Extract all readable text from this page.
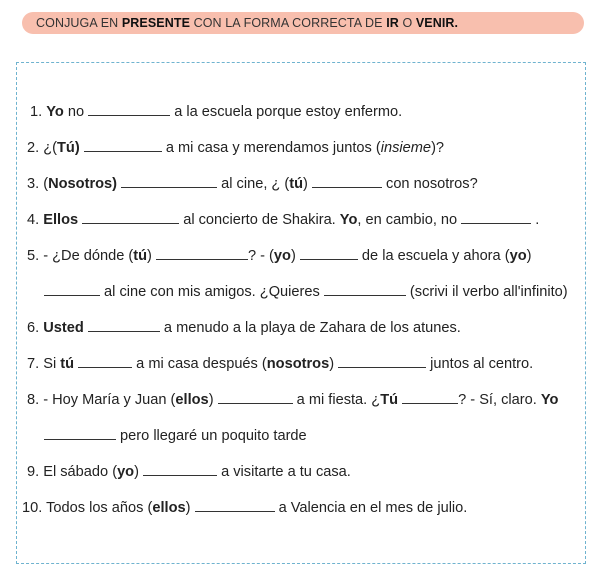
CONJUGA EN PRESENTE CON LA FORMA CORRECTA DE IR O VENIR.
1. Yo no	a la escuela porque estoy enfermo.
2. ¿(Tú)	a mi casa y merendamos juntos (insieme)?
3. (Nosotros)	al cine, ¿ (tú)	con nosotros?
4. Ellos	al concierto de Shakira. Yo, en cambio, no	.
5. - ¿De dónde (tú)	? - (yo)	de la escuela y ahora (yo)
al cine con mis amigos. ¿Quieres	(scrivi il verbo all'infinito)
6. Usted	a menudo a la playa de Zahara de los atunes.
7. Si tú	a mi casa después (nosotros)	juntos al centro.
8. - Hoy María y Juan (ellos)	a mi fiesta. ¿Tú	? - Sí, claro. Yo
pero llegaré un poquito tarde
9. El sábado (yo)	a visitarte a tu casa.
10. Todos los años (ellos)	a Valencia en el mes de julio.
